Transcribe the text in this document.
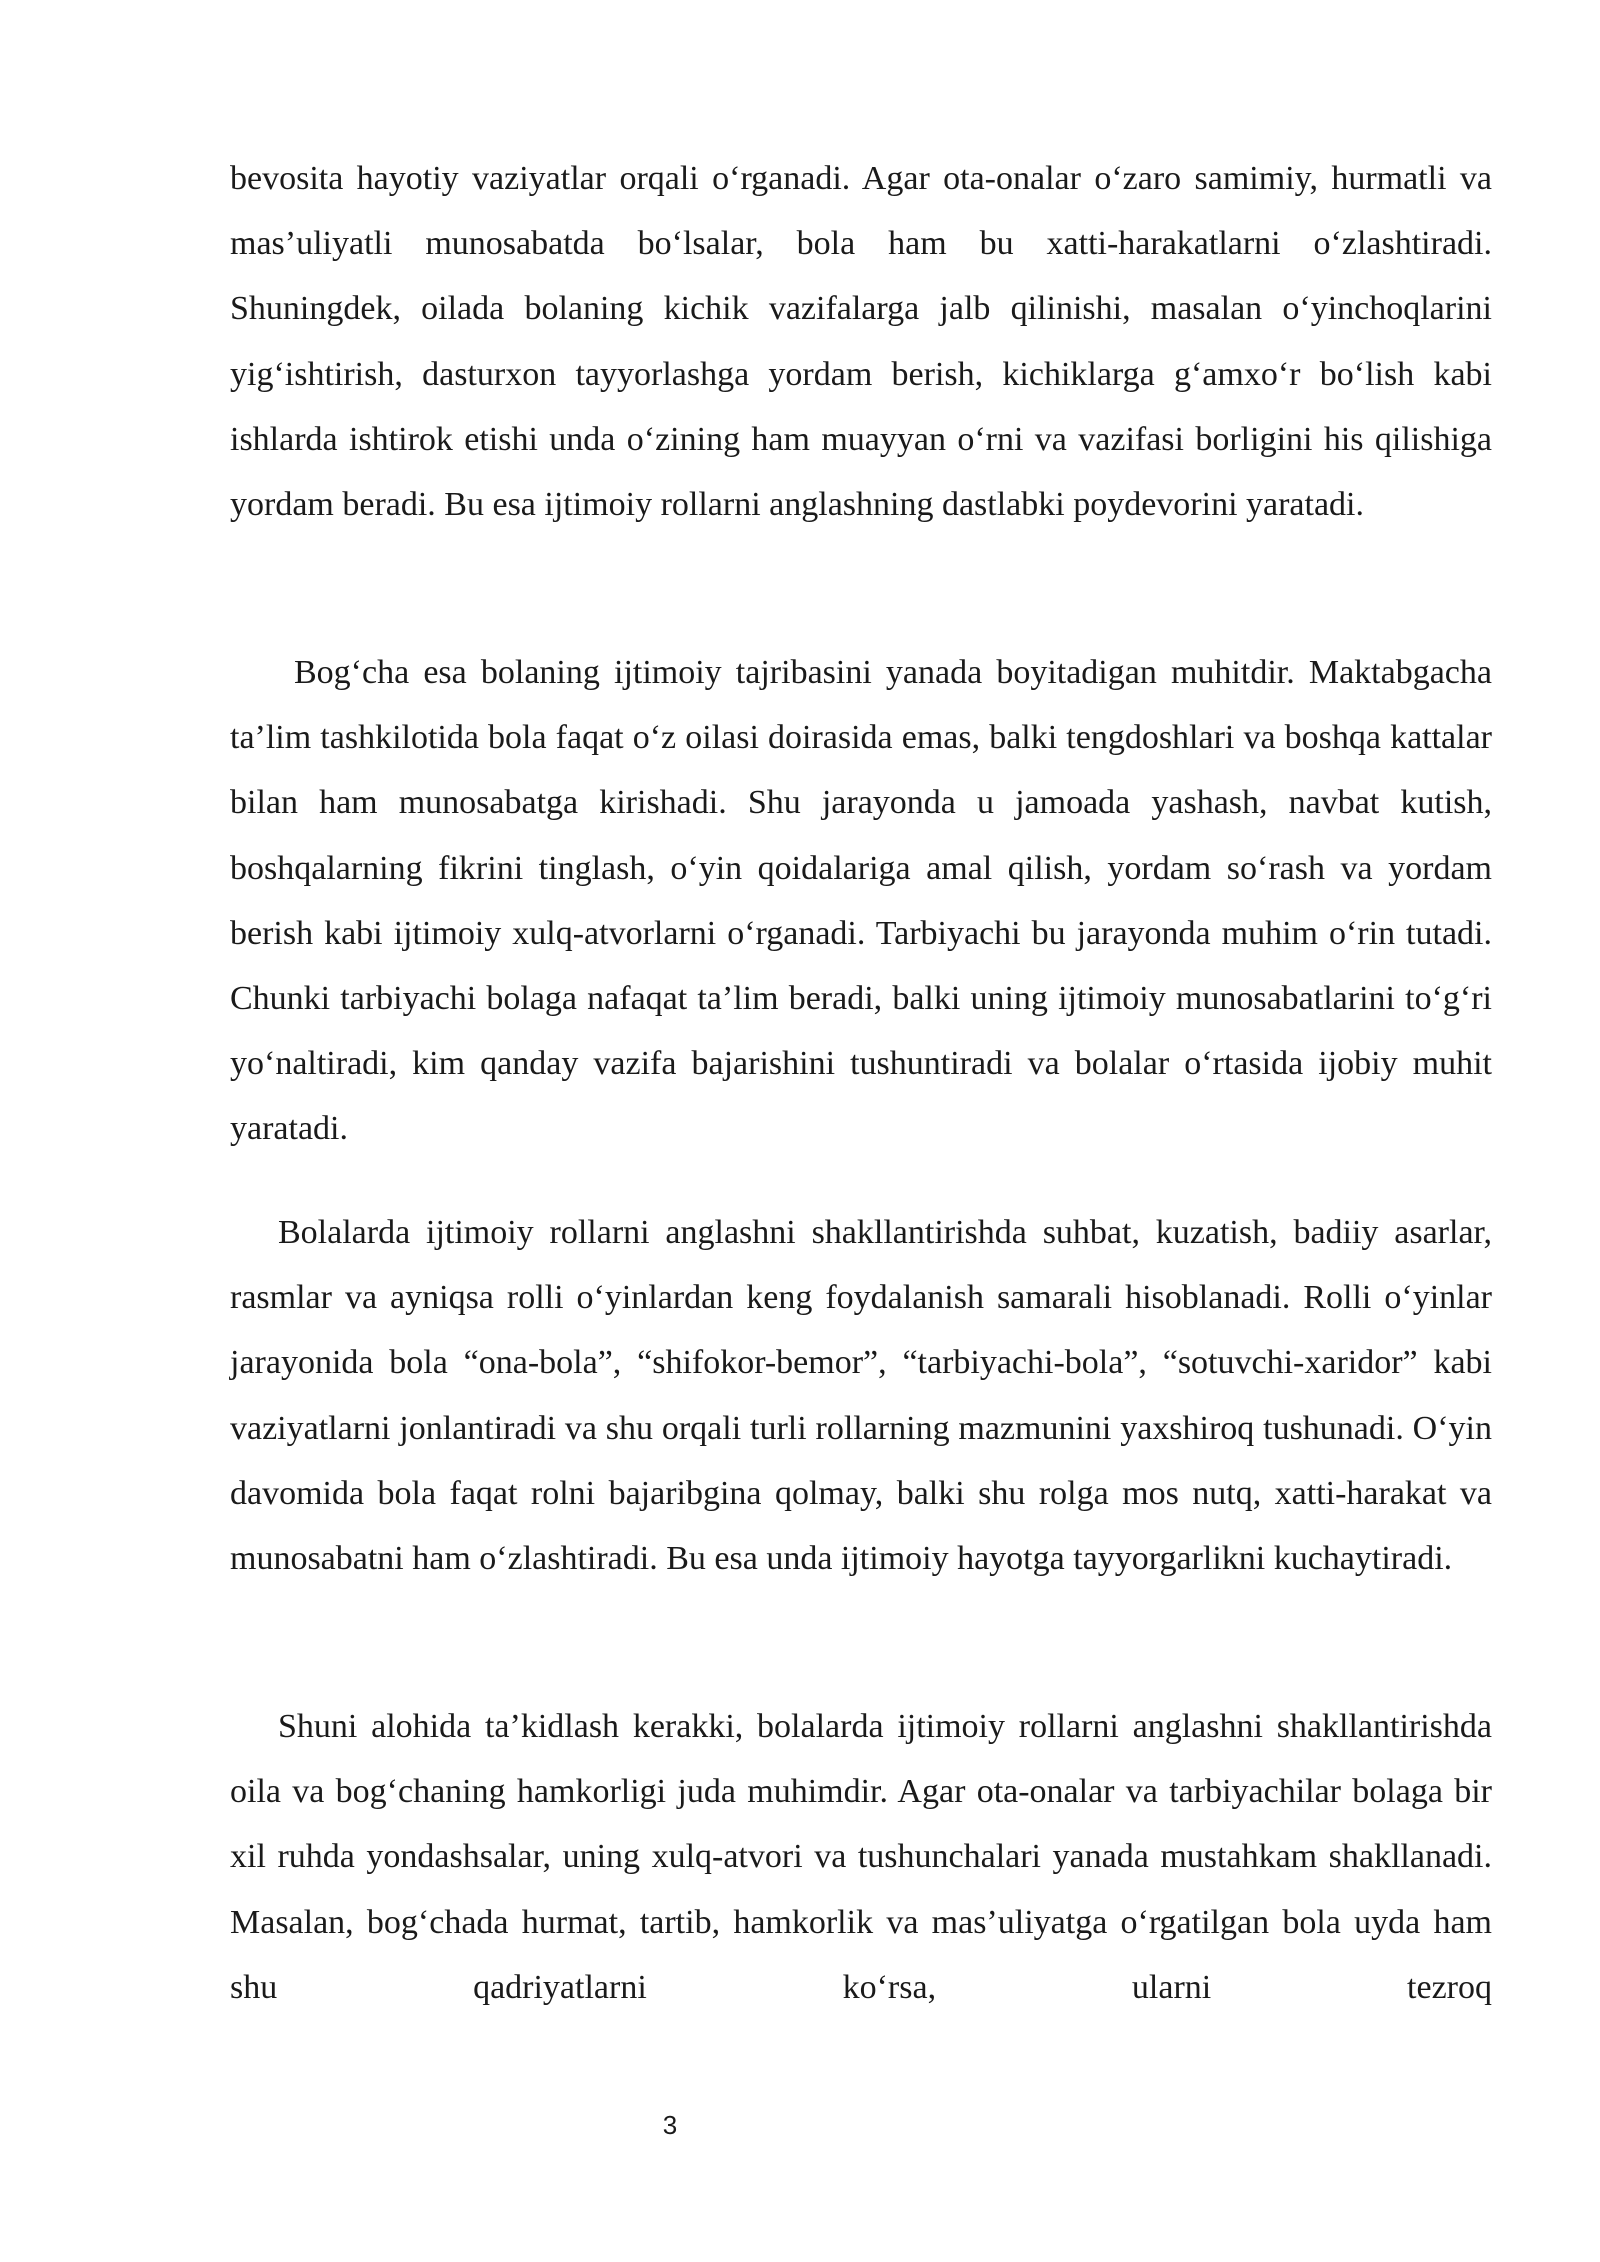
bevosita hayotiy vaziyatlar orqali o‘rganadi. Agar ota-onalar o‘zaro samimiy, hurmatli va mas’uliyatli munosabatda bo‘lsalar, bola ham bu xatti-harakatlarni o‘zlashtiradi. Shuningdek, oilada bolaning kichik vazifalarga jalb qilinishi, masalan o‘yinchoqlarini yig‘ishtirish, dasturxon tayyorlashga yordam berish, kichiklarga g‘amxo‘r bo‘lish kabi ishlarda ishtirok etishi unda o‘zining ham muayyan o‘rni va vazifasi borligini his qilishiga yordam beradi. Bu esa ijtimoiy rollarni anglashning dastlabki poydevorini yaratadi.

Bog‘cha esa bolaning ijtimoiy tajribasini yanada boyitadigan muhitdir. Maktabgacha ta’lim tashkilotida bola faqat o‘z oilasi doirasida emas, balki tengdoshlari va boshqa kattalar bilan ham munosabatga kirishadi. Shu jarayonda u jamoada yashash, navbat kutish, boshqalarning fikrini tinglash, o‘yin qoidalariga amal qilish, yordam so‘rash va yordam berish kabi ijtimoiy xulq-atvorlarni o‘rganadi. Tarbiyachi bu jarayonda muhim o‘rin tutadi. Chunki tarbiyachi bolaga nafaqat ta’lim beradi, balki uning ijtimoiy munosabatlarini to‘g‘ri yo‘naltiradi, kim qanday vazifa bajarishini tushuntiradi va bolalar o‘rtasida ijobiy muhit yaratadi.

Bolalarda ijtimoiy rollarni anglashni shakllantirishda suhbat, kuzatish, badiiy asarlar, rasmlar va ayniqsa rolli o‘yinlardan keng foydalanish samarali hisoblanadi. Rolli o‘yinlar jarayonida bola “ona-bola”, “shifokor-bemor”, “tarbiyachi-bola”, “sotuvchi-xaridor” kabi vaziyatlarni jonlantiradi va shu orqali turli rollarning mazmunini yaxshiroq tushunadi. O‘yin davomida bola faqat rolni bajaribgina qolmay, balki shu rolga mos nutq, xatti-harakat va munosabatni ham o‘zlashtiradi. Bu esa unda ijtimoiy hayotga tayyorgarlikni kuchaytiradi.

Shuni alohida ta’kidlash kerakki, bolalarda ijtimoiy rollarni anglashni shakllantirishda oila va bog‘chaning hamkorligi juda muhimdir. Agar ota-onalar va tarbiyachilar bolaga bir xil ruhda yondashsalar, uning xulq-atvori va tushunchalari yanada mustahkam shakllanadi. Masalan, bog‘chada hurmat, tartib, hamkorlik va mas’uliyatga o‘rgatilgan bola uyda ham shu qadriyatlarni ko‘rsa, ularni tezroq

3
